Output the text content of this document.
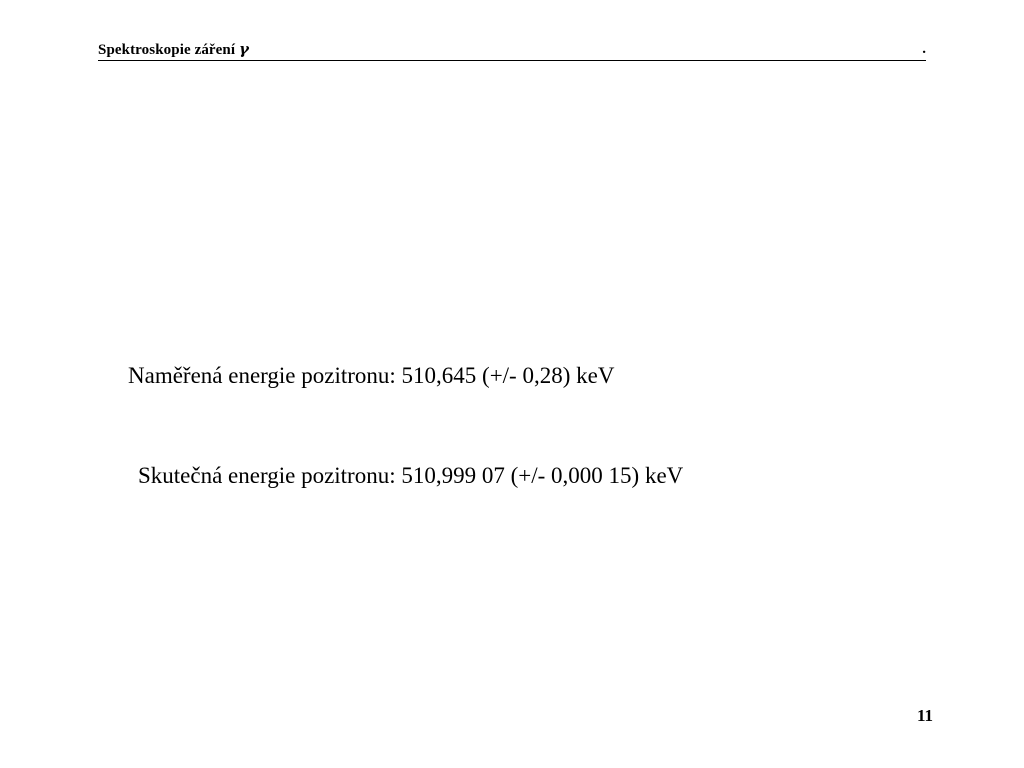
Spektroskopie záření γ	.
Naměřená energie pozitronu: 510,645 (+/- 0,28) keV
Skutečná energie pozitronu: 510,999 07 (+/- 0,000 15) keV
11
